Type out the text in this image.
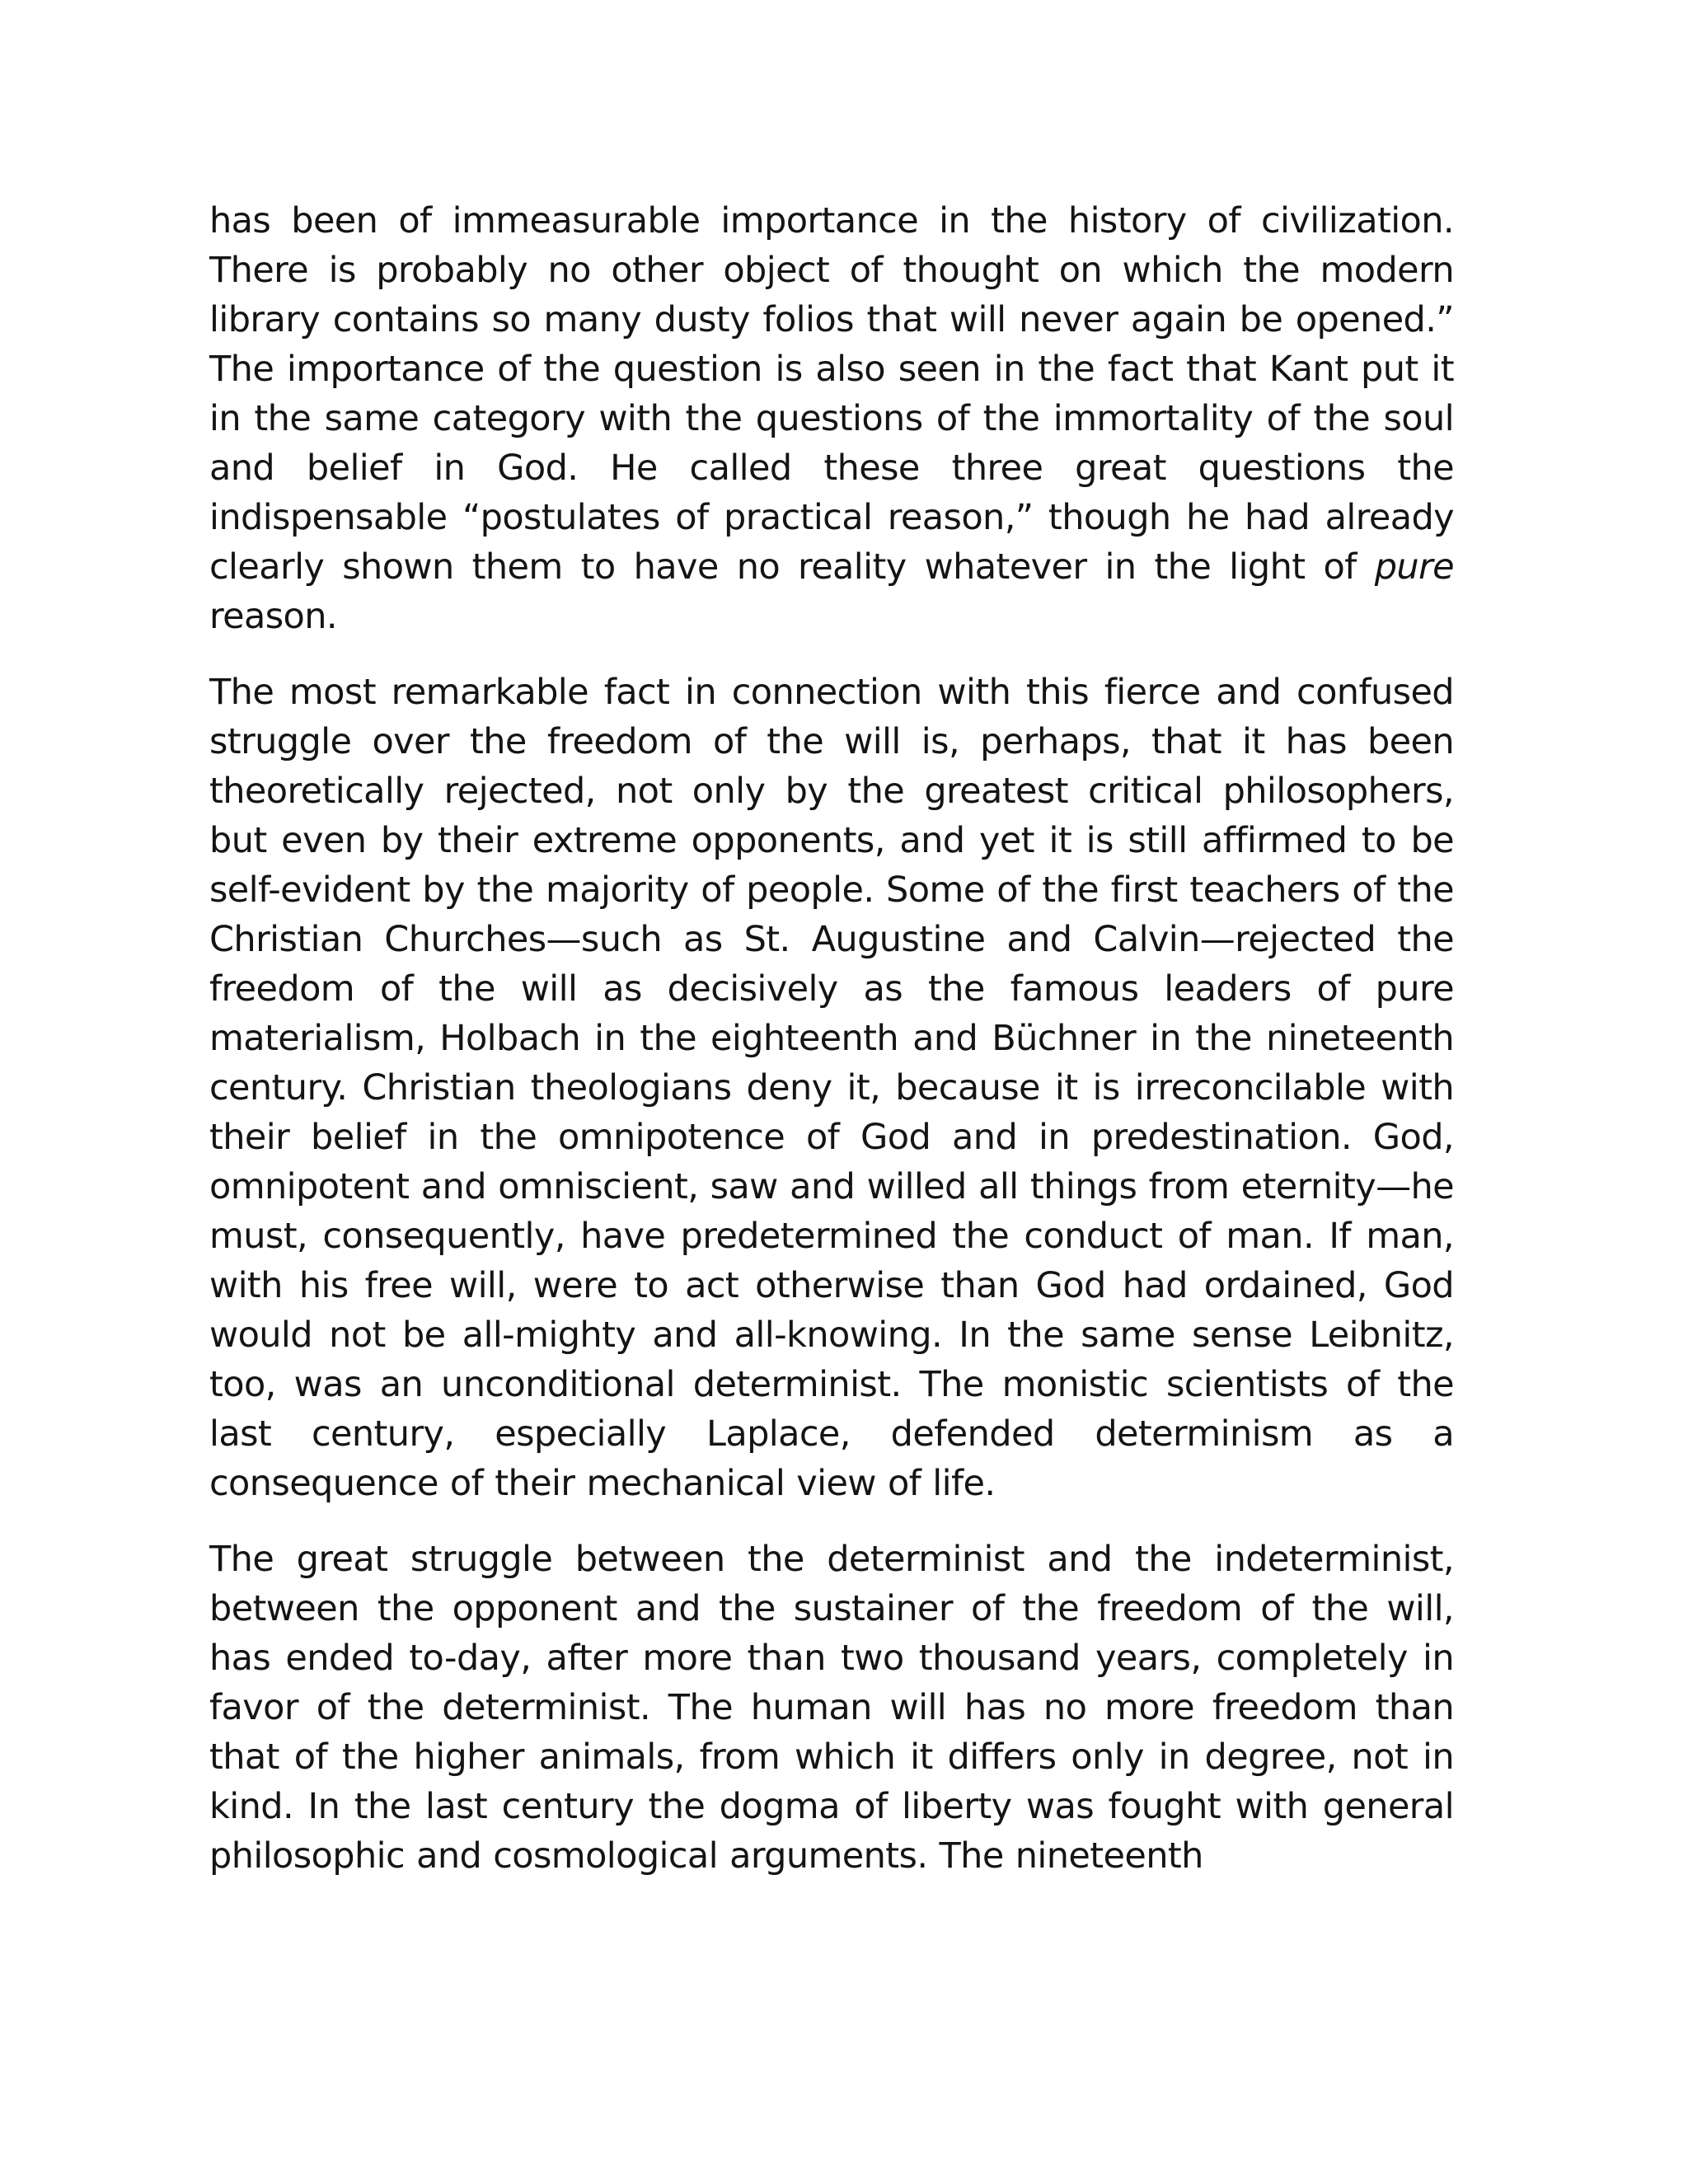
has been of immeasurable importance in the history of civilization. There is probably no other object of thought on which the modern library contains so many dusty folios that will never again be opened.” The importance of the question is also seen in the fact that Kant put it in the same category with the questions of the immortality of the soul and belief in God. He called these three great questions the indispensable “postulates of practical reason,” though he had already clearly shown them to have no reality whatever in the light of pure reason.

The most remarkable fact in connection with this fierce and confused struggle over the freedom of the will is, perhaps, that it has been theoretically rejected, not only by the greatest critical philosophers, but even by their extreme opponents, and yet it is still affirmed to be self-evident by the majority of people. Some of the first teachers of the Christian Churches—such as St. Augustine and Calvin—rejected the freedom of the will as decisively as the famous leaders of pure materialism, Holbach in the eighteenth and Büchner in the nineteenth century. Christian theologians deny it, because it is irreconcilable with their belief in the omnipotence of God and in predestination. God, omnipotent and omniscient, saw and willed all things from eternity—he must, consequently, have predetermined the conduct of man. If man, with his free will, were to act otherwise than God had ordained, God would not be all-mighty and all-knowing. In the same sense Leibnitz, too, was an unconditional determinist. The monistic scientists of the last century, especially Laplace, defended determinism as a consequence of their mechanical view of life.

The great struggle between the determinist and the indeterminist, between the opponent and the sustainer of the freedom of the will, has ended to-day, after more than two thousand years, completely in favor of the determinist. The human will has no more freedom than that of the higher animals, from which it differs only in degree, not in kind. In the last century the dogma of liberty was fought with general philosophic and cosmological arguments. The nineteenth
